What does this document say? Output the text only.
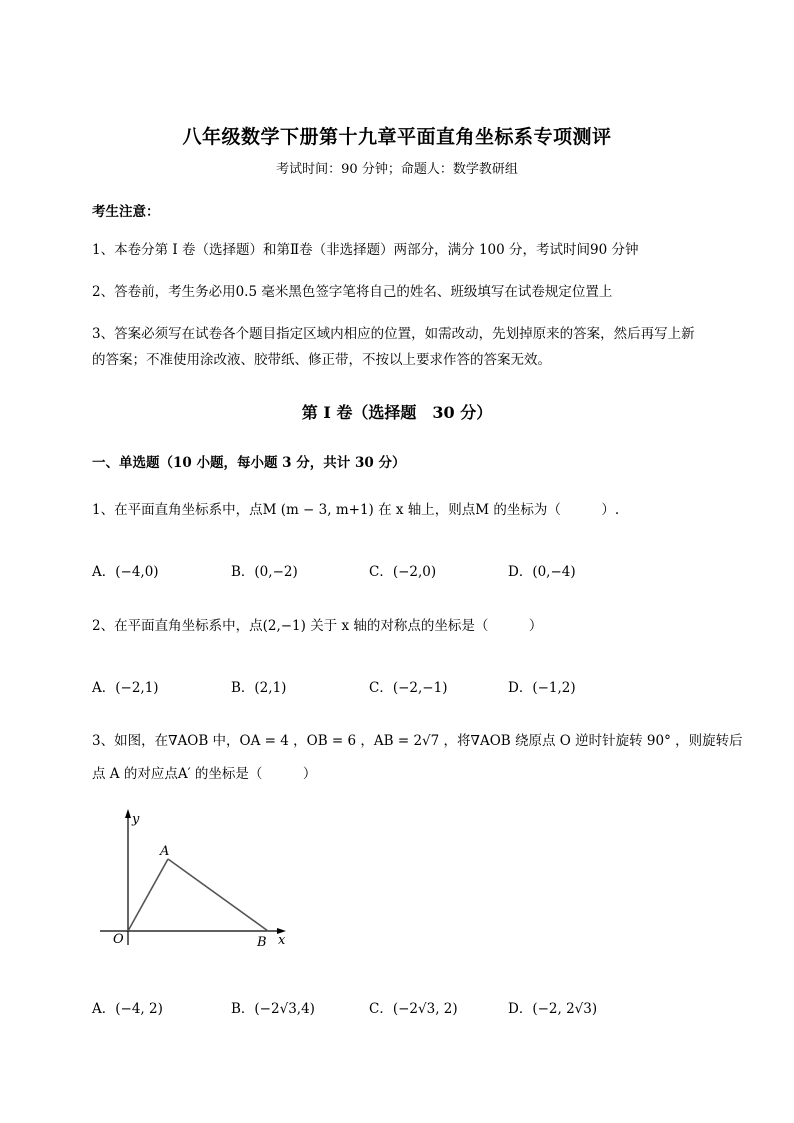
八年级数学下册第十九章平面直角坐标系专项测评
考试时间：90 分钟；命题人：数学教研组
考生注意：
1、本卷分第 I 卷（选择题）和第Ⅱ卷（非选择题）两部分，满分 100 分，考试时间90 分钟
2、答卷前，考生务必用0.5 毫米黑色签字笔将自己的姓名、班级填写在试卷规定位置上
3、答案必须写在试卷各个题目指定区域内相应的位置，如需改动，先划掉原来的答案，然后再写上新
的答案；不准使用涂改液、胶带纸、修正带，不按以上要求作答的答案无效。
第 I 卷（选择题　30 分）
一、单选题（10 小题，每小题 3 分，共计 30 分）
1、在平面直角坐标系中，点M (m − 3, m+1) 在 x 轴上，则点M 的坐标为（　　　）.
A．(−4,0)	B．(0,−2)	C．(−2,0)	D．(0,−4)
2、在平面直角坐标系中，点(2,−1) 关于 x 轴的对称点的坐标是（　　　）
A．(−2,1)	B．(2,1)	C．(−2,−1)	D．(−1,2)
3、如图，在∇AOB 中，OA = 4 ，OB = 6 ，AB = 2√7 ，将∇AOB 绕原点 O 逆时针旋转 90° ，则旋转后
点 A 的对应点A′ 的坐标是（　　　）
y
x
O
A
B
A．(−4, 2)	B．(−2√3,4)	C．(−2√3, 2)	D．(−2, 2√3)
